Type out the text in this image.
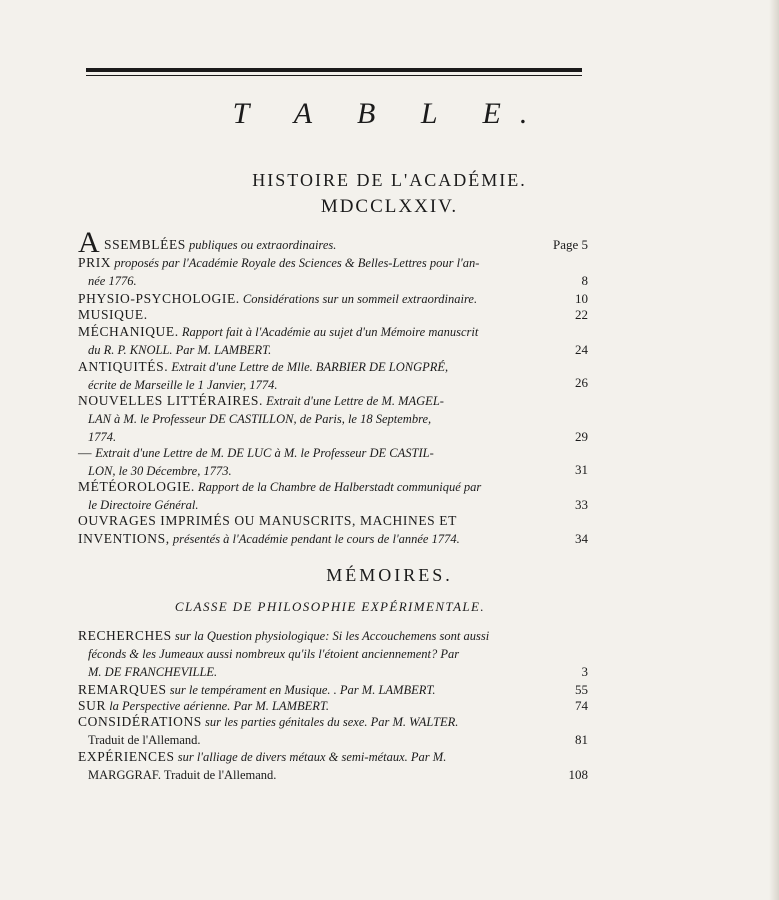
T A B L E.
HISTOIRE DE L'ACADÉMIE.
MDCCLXXIV.
A SSEMBLÉES publiques ou extraordinaires.	Page 5
PRIX proposés par l'Académie Royale des Sciences & Belles-Lettres pour l'an-
née 1776.	8
PHYSIO-PSYCHOLOGIE. Considérations sur un sommeil extraordinaire.	10
MUSIQUE.	22
MÉCHANIQUE. Rapport fait à l'Académie au sujet d'un Mémoire manuscrit
du R. P. KNOLL. Par M. LAMBERT.	24
ANTIQUITÉS. Extrait d'une Lettre de Mlle. BARBIER DE LONGPRÉ,
écrite de Marseille le 1 Janvier, 1774.	26
NOUVELLES LITTÉRAIRES. Extrait d'une Lettre de M. MAGEL-
LAN à M. le Professeur DE CASTILLON, de Paris, le 18 Septembre,
1774.	29
— Extrait d'une Lettre de M. DE LUC à M. le Professeur DE CASTIL-
LON, le 30 Décembre, 1773.	31
MÉTÉOROLOGIE. Rapport de la Chambre de Halberstadt communiqué par
le Directoire Général.	33
OUVRAGES IMPRIMÉS OU MANUSCRITS, MACHINES ET
INVENTIONS, présentés à l'Académie pendant le cours de l'année 1774.	34
MÉMOIRES.
CLASSE DE PHILOSOPHIE EXPÉRIMENTALE.
RECHERCHES sur la Question physiologique: Si les Accouchemens sont aussi
féconds & les Jumeaux aussi nombreux qu'ils l'étoient anciennement? Par
M. DE FRANCHEVILLE.	3
REMARQUES sur le tempérament en Musique. . Par M. LAMBERT.	55
SUR la Perspective aérienne. Par M. LAMBERT.	74
CONSIDÉRATIONS sur les parties génitales du sexe. Par M. WALTER.
Traduit de l'Allemand.	81
EXPÉRIENCES sur l'alliage de divers métaux & semi-métaux. Par M.
MARGGRAF. Traduit de l'Allemand.	108
